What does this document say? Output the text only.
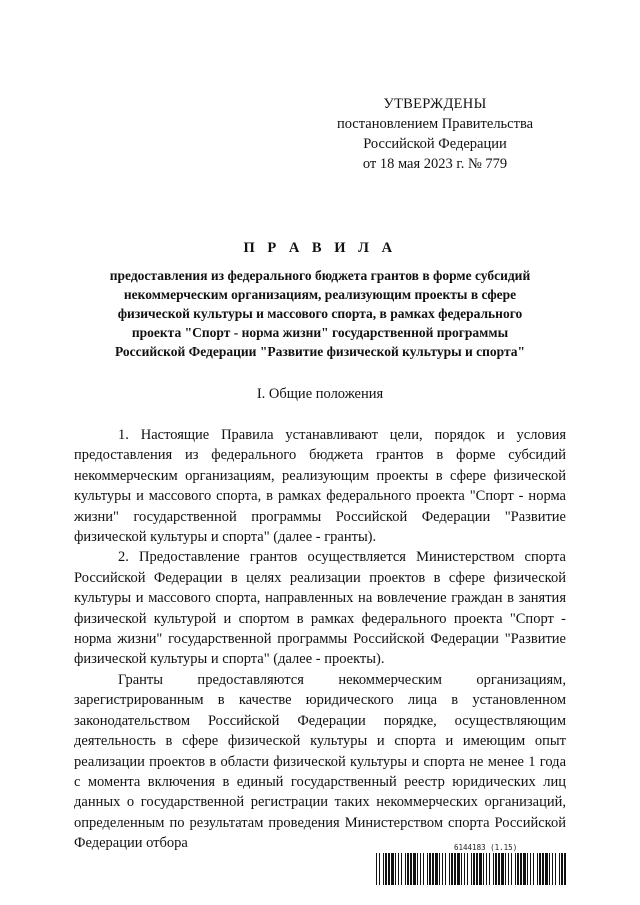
УТВЕРЖДЕНЫ
постановлением Правительства
Российской Федерации
от 18 мая 2023 г. № 779
П Р А В И Л А
предоставления из федерального бюджета грантов в форме субсидий
некоммерческим организациям, реализующим проекты в сфере
физической культуры и массового спорта, в рамках федерального
проекта "Спорт - норма жизни" государственной программы
Российской Федерации "Развитие физической культуры и спорта"
I. Общие положения

1. Настоящие Правила устанавливают цели, порядок и условия предоставления из федерального бюджета грантов в форме субсидий некоммерческим организациям, реализующим проекты в сфере физической культуры и массового спорта, в рамках федерального проекта "Спорт - норма жизни" государственной программы Российской Федерации "Развитие физической культуры и спорта" (далее - гранты).

2. Предоставление грантов осуществляется Министерством спорта Российской Федерации в целях реализации проектов в сфере физической культуры и массового спорта, направленных на вовлечение граждан в занятия физической культурой и спортом в рамках федерального проекта "Спорт - норма жизни" государственной программы Российской Федерации "Развитие физической культуры и спорта" (далее - проекты).

Гранты предоставляются некоммерческим организациям, зарегистрированным в качестве юридического лица в установленном законодательством Российской Федерации порядке, осуществляющим деятельность в сфере физической культуры и спорта и имеющим опыт реализации проектов в области физической культуры и спорта не менее 1 года с момента включения в единый государственный реестр юридических лиц данных о государственной регистрации таких некоммерческих организаций, определенным по результатам проведения Министерством спорта Российской Федерации отбора	6144183 (1.15)
